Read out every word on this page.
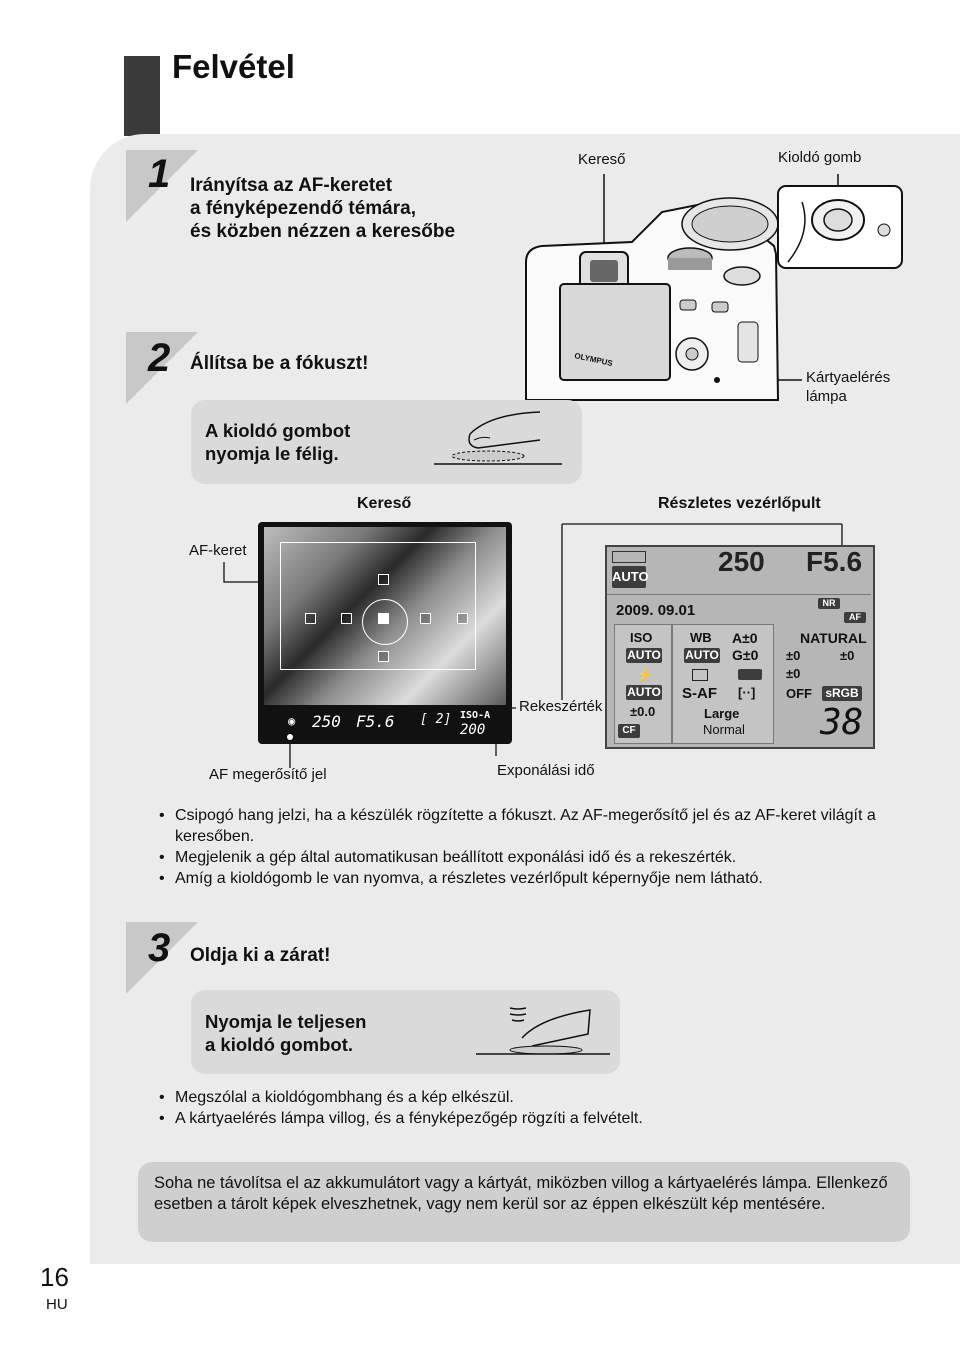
Felvétel
1 Irányítsa az AF-keretet
a fényképezendő témára,
és közben nézzen a keresőbe
Kereső	Kioldó gomb
Kártyaelérés
lámpa
OLYMPUS
2 Állítsa be a fókuszt!
A kioldó gombot
nyomja le félig.
Kereső	Részletes vezérlőpult
AF-keret
Rekeszérték
AF megerősítő jel	Exponálási idő
◉ 250 F5.6 [ 2] ISO-A
200
AUTO 250 F5.6
2009. 09.01
ISO
AUTO
⚡
AUTO
±0.0
CF
WB
AUTO
A±0
G±0
S-AF [··]
Large
Normal
NR
AF
NATURAL
±0	±0
±0
OFF sRGB
38
• Csipogó hang jelzi, ha a készülék rögzítette a fókuszt. Az AF-megerősítő jel és az AF-keret világít a keresőben.
• Megjelenik a gép által automatikusan beállított exponálási idő és a rekeszérték.
• Amíg a kioldógomb le van nyomva, a részletes vezérlőpult képernyője nem látható.
3 Oldja ki a zárat!
Nyomja le teljesen
a kioldó gombot.
• Megszólal a kioldógombhang és a kép elkészül.
• A kártyaelérés lámpa villog, és a fényképezőgép rögzíti a felvételt.

Soha ne távolítsa el az akkumulátort vagy a kártyát, miközben villog a kártyaelérés lámpa. Ellenkező esetben a tárolt képek elveszhetnek, vagy nem kerül sor az éppen elkészült kép mentésére.

16
HU
